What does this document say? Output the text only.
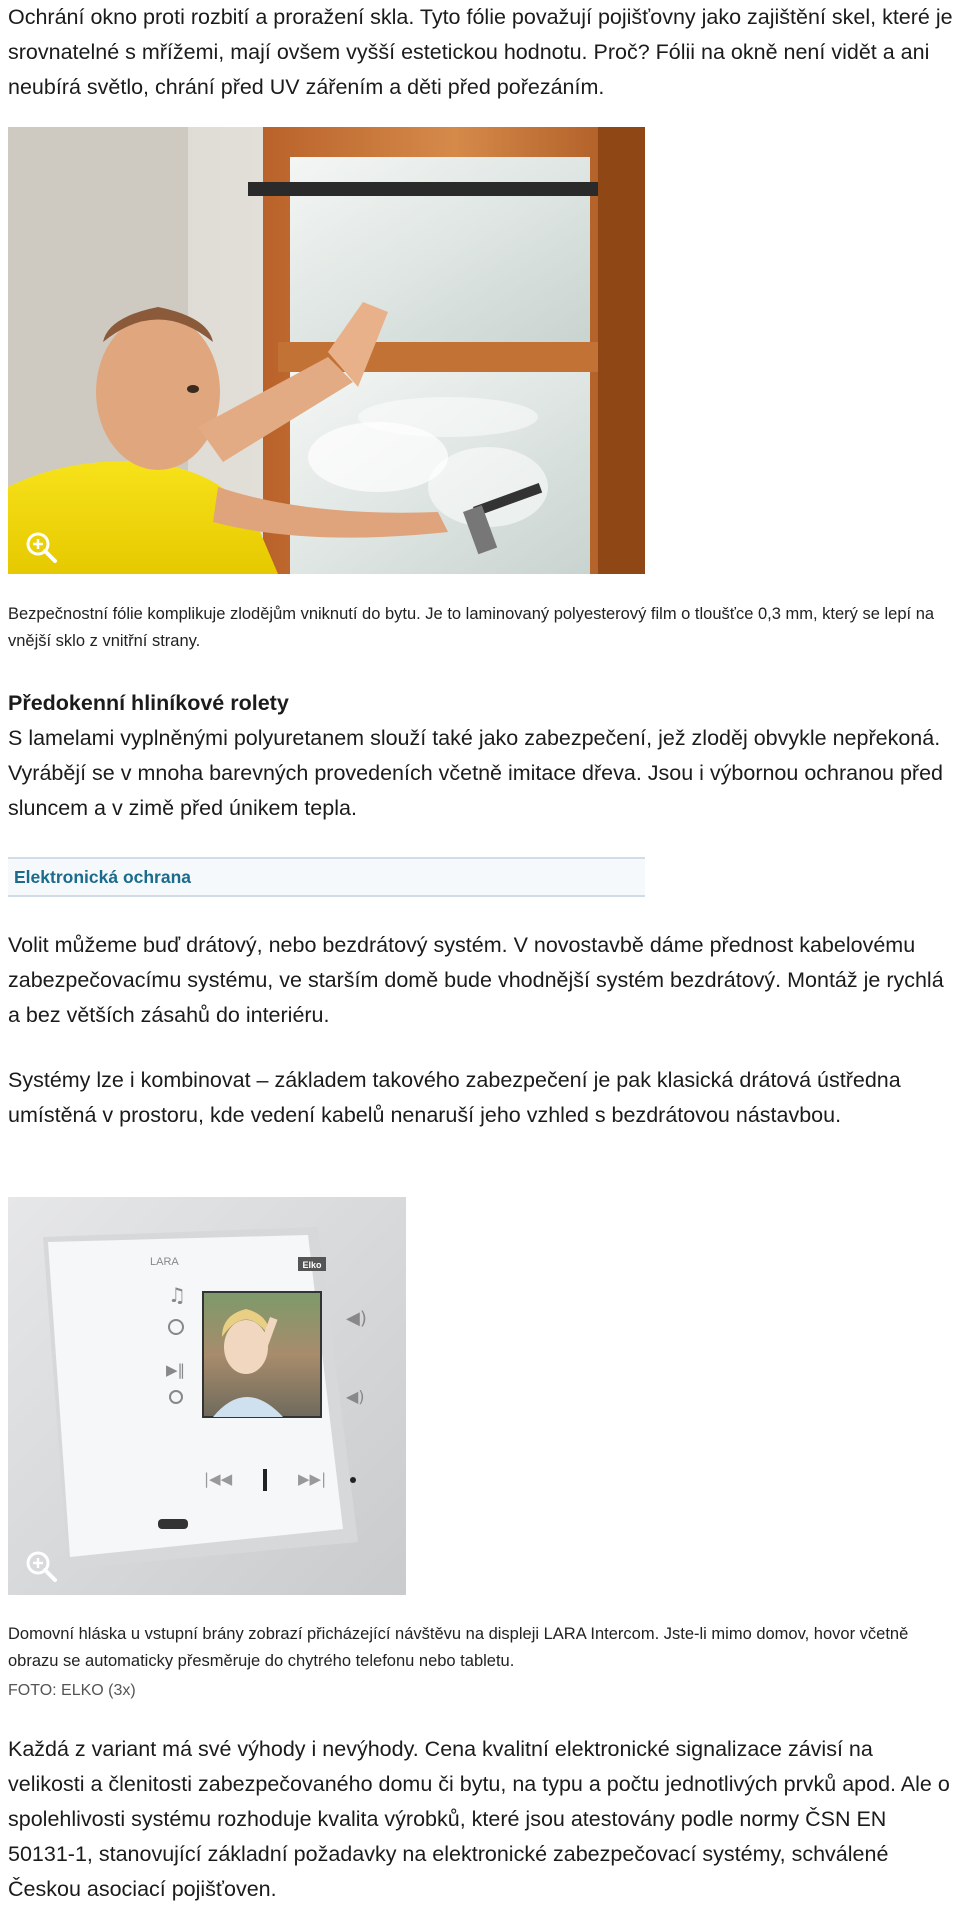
Ochrání okno proti rozbití a proražení skla. Tyto fólie považují pojišťovny jako zajištění skel, které je srovnatelné s mřížemi, mají ovšem vyšší estetickou hodnotu. Proč? Fólii na okně není vidět a ani neubírá světlo, chrání před UV zářením a děti před pořezáním.

Bezpečnostní fólie komplikuje zlodějům vniknutí do bytu. Je to laminovaný polyesterový film o tloušťce 0,3 mm, který se lepí na vnější sklo z vnitřní strany.

Předokenní hliníkové rolety

S lamelami vyplněnými polyuretanem slouží také jako zabezpečení, jež zloděj obvykle nepřekoná. Vyrábějí se v mnoha barevných provedeních včetně imitace dřeva. Jsou i výbornou ochranou před sluncem a v zimě před únikem tepla.

Elektronická ochrana

Volit můžeme buď drátový, nebo bezdrátový systém. V novostavbě dáme přednost kabelovému zabezpečovacímu systému, ve starším domě bude vhodnější systém bezdrátový. Montáž je rychlá a bez větších zásahů do interiéru.

Systémy lze i kombinovat – základem takového zabezpečení je pak klasická drátová ústředna umístěná v prostoru, kde vedení kabelů nenaruší jeho vzhled s bezdrátovou nástavbou.

Elko
LARA
♫
▶‖
◀)
◀)
|◀◀	▶▶|

Domovní hláska u vstupní brány zobrazí přicházející návštěvu na displeji LARA Intercom. Jste-li mimo domov, hovor včetně obrazu se automaticky přesměruje do chytrého telefonu nebo tabletu.

FOTO: ELKO (3x)

Každá z variant má své výhody i nevýhody. Cena kvalitní elektronické signalizace závisí na velikosti a členitosti zabezpečovaného domu či bytu, na typu a počtu jednotlivých prvků apod. Ale o spolehlivosti systému rozhoduje kvalita výrobků, které jsou atestovány podle normy ČSN EN 50131-1, stanovující základní požadavky na elektronické zabezpečovací systémy, schválené Českou asociací pojišťoven.
